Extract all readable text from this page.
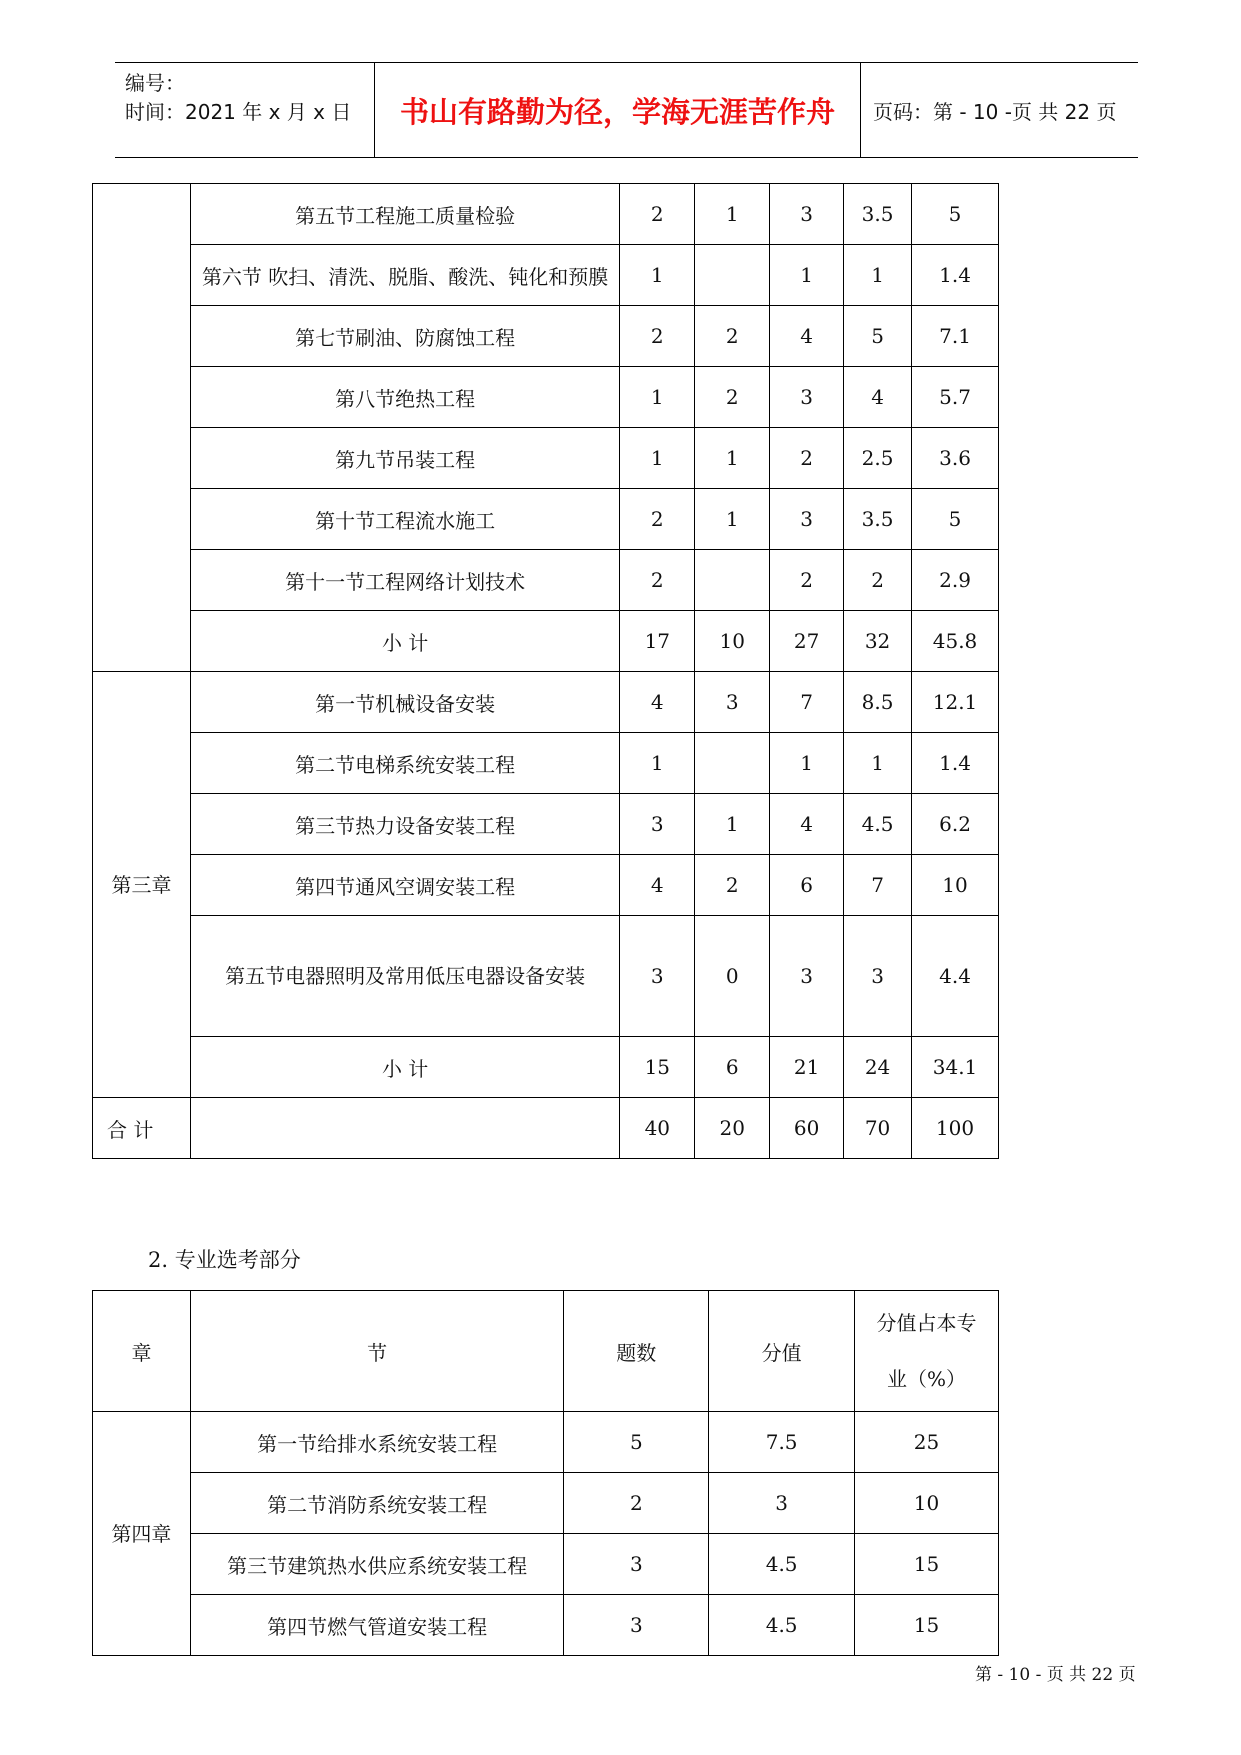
编号：
时间：2021 年 x 月 x 日	书山有路勤为径，学海无涯苦作舟	页码：第 - 10 -页 共 22 页
	第五节工程施工质量检验	2	1	3	3.5	5
	第六节 吹扫、清洗、脱脂、酸洗、钝化和预膜	1		1	1	1.4
	第七节刷油、防腐蚀工程	2	2	4	5	7.1
	第八节绝热工程	1	2	3	4	5.7
	第九节吊装工程	1	1	2	2.5	3.6
	第十节工程流水施工	2	1	3	3.5	5
	第十一节工程网络计划技术	2		2	2	2.9
	小 计	17	10	27	32	45.8
第三章	第一节机械设备安装	4	3	7	8.5	12.1
	第二节电梯系统安装工程	1		1	1	1.4
	第三节热力设备安装工程	3	1	4	4.5	6.2
	第四节通风空调安装工程	4	2	6	7	10
	第五节电器照明及常用低压电器设备安装	3	0	3	3	4.4
	小 计	15	6	21	24	34.1
合 计		40	20	60	70	100
2. 专业选考部分
章	节	题数	分值	分值占本专业（%）
第四章	第一节给排水系统安装工程	5	7.5	25
	第二节消防系统安装工程	2	3	10
	第三节建筑热水供应系统安装工程	3	4.5	15
	第四节燃气管道安装工程	3	4.5	15
第 - 10 - 页 共 22 页
